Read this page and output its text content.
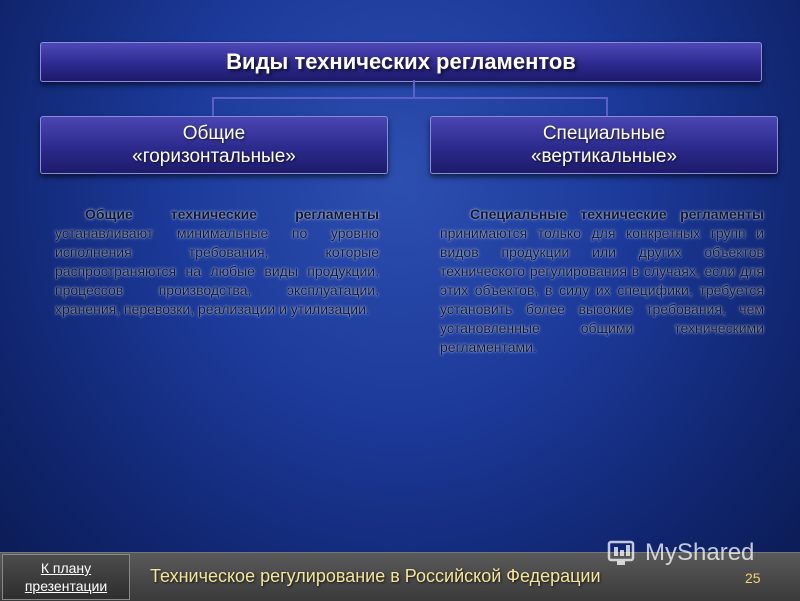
Виды технических регламентов
Общие
«горизонтальные»
Специальные
«вертикальные»
Общие технические регламенты устанавливают минимальные по уровню исполнения требования, которые распространяются на любые виды продукции, процессов производства, эксплуатации, хранения, перевозки, реализации и утилизации.
Специальные технические регламенты принимаются только для конкретных групп и видов продукции или других объектов технического регулирования в случаях, если для этих объектов, в силу их специфики, требуется установить более высокие требования, чем установленные общими техническими регламентами.
К плану
презентации Техническое регулирование в Российской Федерации	25
MyShared
